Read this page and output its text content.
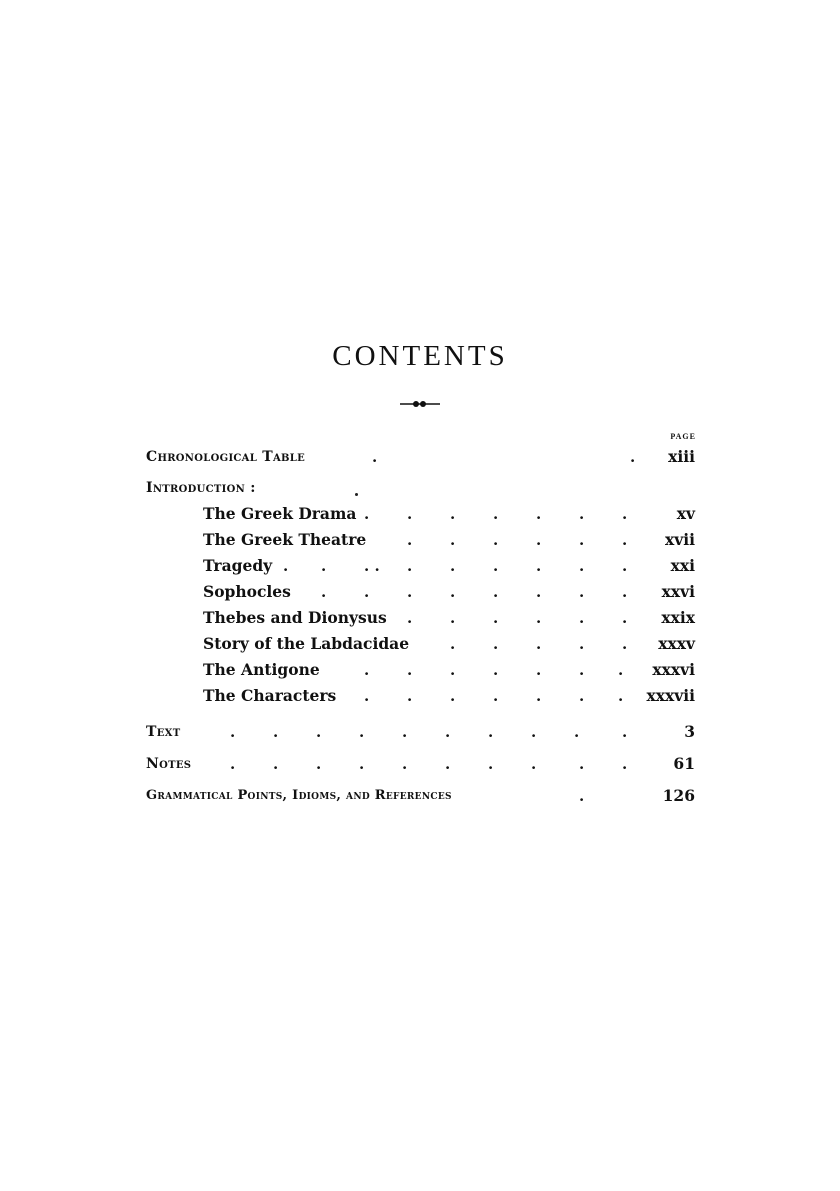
CONTENTS
PAGE
Chronological Table	.	. xiii
Introduction :
The Greek Drama .	.	.	.	.	.	.	xv
The Greek Theatre	.	.	.	.	.	. xvii
Tragedy . .	. . .	.	.	.	.	.	xxi
Sophocles .	.	.	.	.	.	.	. xxvi
Thebes and Dionysus .	.	.	.	.	. xxix
Story of the Labdacidae	.	.	.	.	. xxxv
The Antigone	.	.	.	.	.	. . xxxvi
The Characters .	.	.	.	.	. . xxxvii
Text	.	.	.	.	.	.	.	.	.	.	3
Notes	.	.	.	.	.	.	.	.	.	.	61
Grammatical Points, Idioms, and References	.	126
